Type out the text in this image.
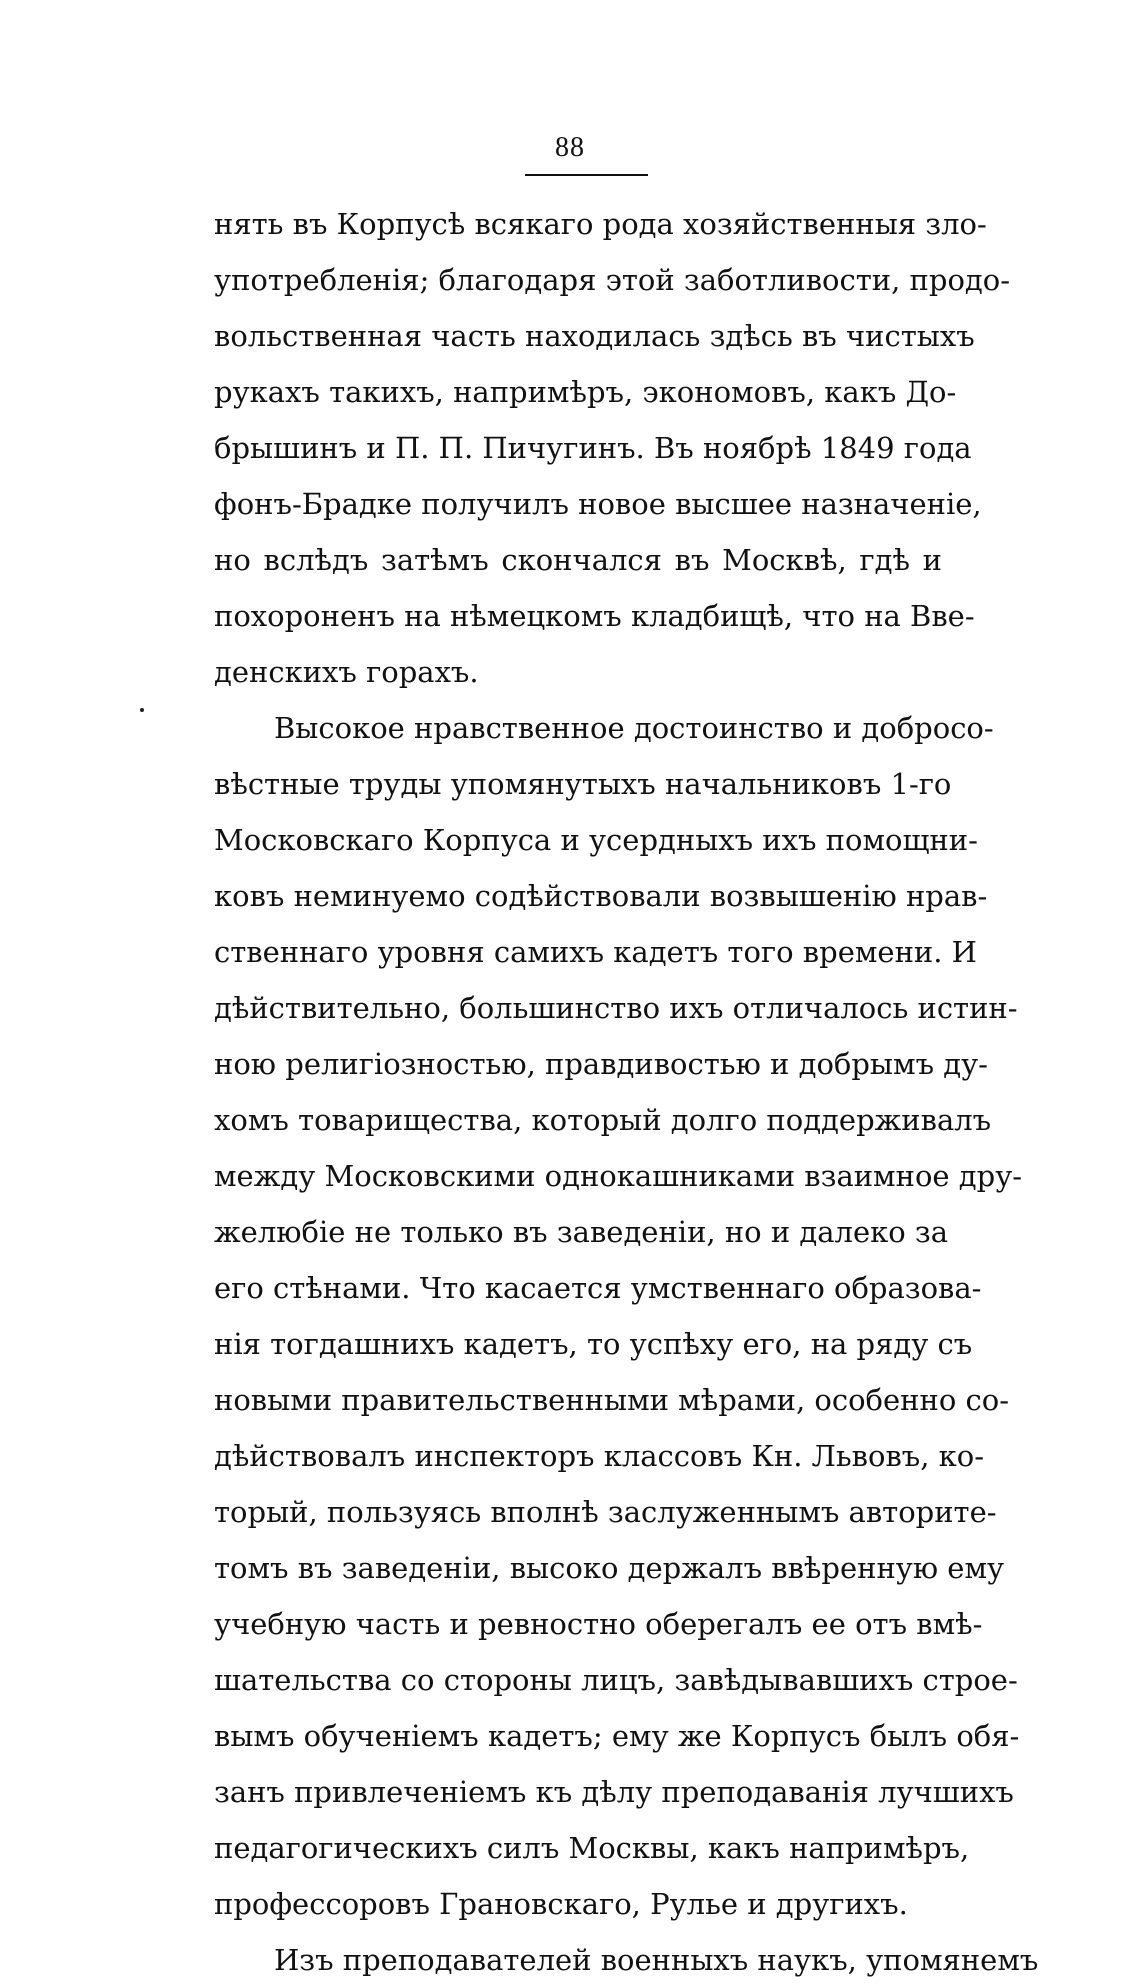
88
нять въ Корпусѣ всякаго рода хозяйственныя зло-
употребленія; благодаря этой заботливости, продо-
вольственная часть находилась здѣсь въ чистыхъ
рукахъ такихъ, напримѣръ, экономовъ, какъ До-
брышинъ и П. П. Пичугинъ. Въ ноябрѣ 1849 года
фонъ-Брадке получилъ новое высшее назначеніе,
но вслѣдъ затѣмъ скончался въ Москвѣ, гдѣ и
похороненъ на нѣмецкомъ кладбищѣ, что на Вве-
денскихъ горахъ.
Высокое нравственное достоинство и добросо-
вѣстные труды упомянутыхъ начальниковъ 1-го
Московскаго Корпуса и усердныхъ ихъ помощни-
ковъ неминуемо содѣйствовали возвышенію нрав-
ственнаго уровня самихъ кадетъ того времени. И
дѣйствительно, большинство ихъ отличалось истин-
ною религіозностью, правдивостью и добрымъ ду-
хомъ товарищества, который долго поддерживалъ
между Московскими однокашниками взаимное дру-
желюбіе не только въ заведеніи, но и далеко за
его стѣнами. Что касается умственнаго образова-
нія тогдашнихъ кадетъ, то успѣху его, на ряду съ
новыми правительственными мѣрами, особенно со-
дѣйствовалъ инспекторъ классовъ Кн. Львовъ, ко-
торый, пользуясь вполнѣ заслуженнымъ авторите-
томъ въ заведеніи, высоко держалъ ввѣренную ему
учебную часть и ревностно оберегалъ ее отъ вмѣ-
шательства со стороны лицъ, завѣдывавшихъ строе-
вымъ обученіемъ кадетъ; ему же Корпусъ былъ обя-
занъ привлеченіемъ къ дѣлу преподаванія лучшихъ
педагогическихъ силъ Москвы, какъ напримѣръ,
профессоровъ Грановскаго, Рулье и другихъ.
Изъ преподавателей военныхъ наукъ, упомянемъ
